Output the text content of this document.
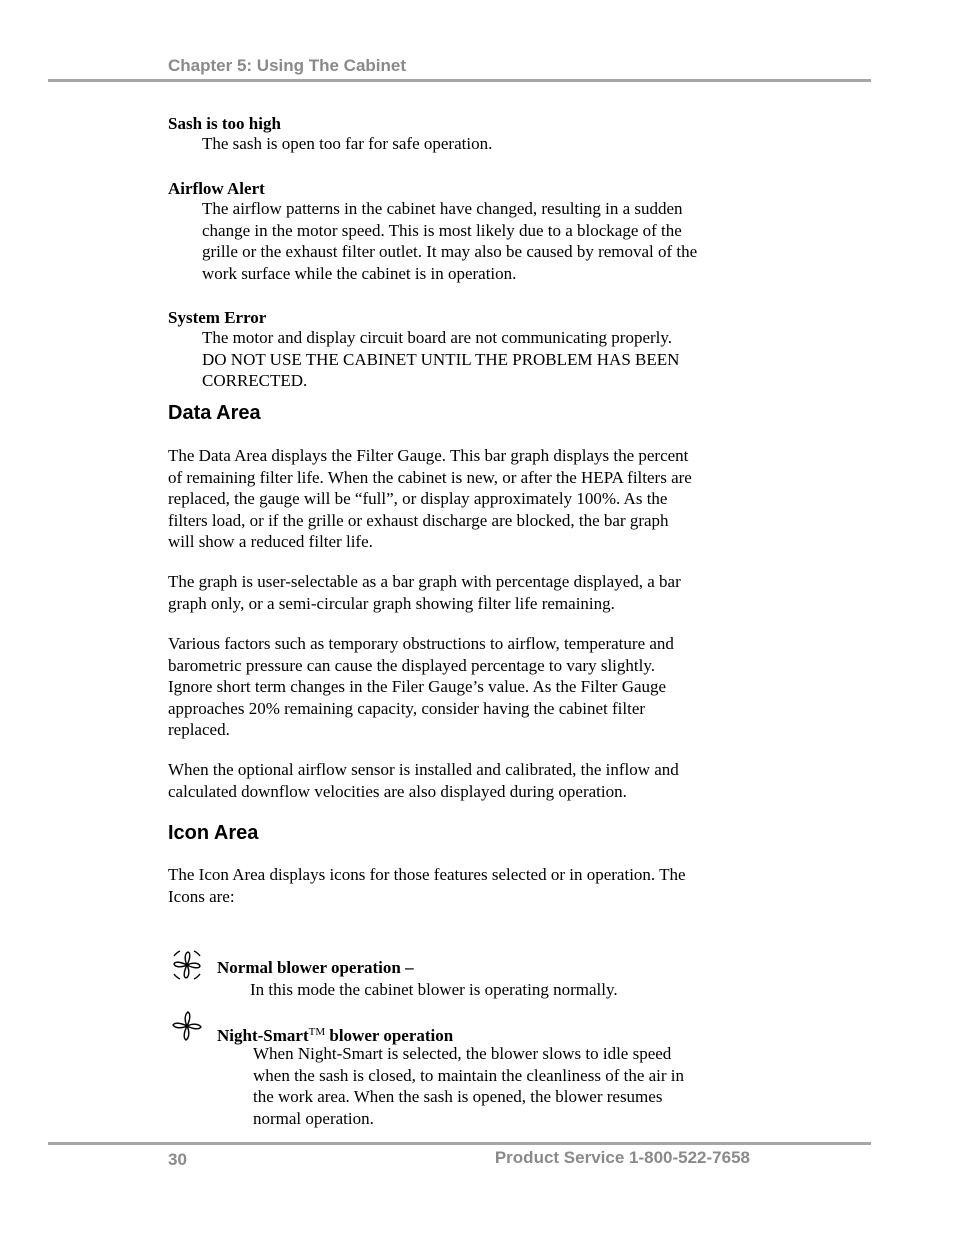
Chapter 5: Using The Cabinet
Sash is too high
The sash is open too far for safe operation.
Airflow Alert
The airflow patterns in the cabinet have changed, resulting in a sudden
change in the motor speed. This is most likely due to a blockage of the
grille or the exhaust filter outlet. It may also be caused by removal of the
work surface while the cabinet is in operation.
System Error
The motor and display circuit board are not communicating properly.
DO NOT USE THE CABINET UNTIL THE PROBLEM HAS BEEN
CORRECTED.
Data Area
The Data Area displays the Filter Gauge. This bar graph displays the percent
of remaining filter life. When the cabinet is new, or after the HEPA filters are
replaced, the gauge will be “full”, or display approximately 100%. As the
filters load, or if the grille or exhaust discharge are blocked, the bar graph
will show a reduced filter life.
The graph is user-selectable as a bar graph with percentage displayed, a bar
graph only, or a semi-circular graph showing filter life remaining.
Various factors such as temporary obstructions to airflow, temperature and
barometric pressure can cause the displayed percentage to vary slightly.
Ignore short term changes in the Filer Gauge’s value. As the Filter Gauge
approaches 20% remaining capacity, consider having the cabinet filter
replaced.
When the optional airflow sensor is installed and calibrated, the inflow and
calculated downflow velocities are also displayed during operation.
Icon Area
The Icon Area displays icons for those features selected or in operation. The
Icons are:
Normal blower operation –
In this mode the cabinet blower is operating normally.
Night-Smart™ blower operation
When Night-Smart is selected, the blower slows to idle speed
when the sash is closed, to maintain the cleanliness of the air in
the work area. When the sash is opened, the blower resumes
normal operation.
30	Product Service 1-800-522-7658
